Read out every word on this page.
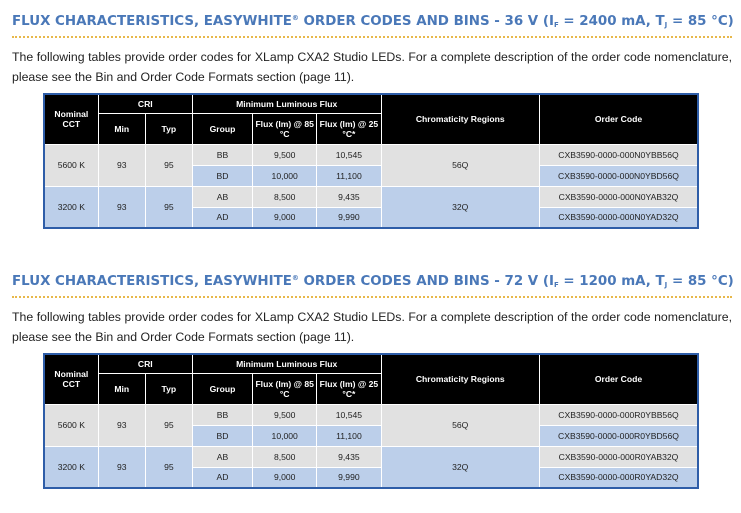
FLUX CHARACTERISTICS, EASYWHITE® ORDER CODES AND BINS - 36 V ($I_F = 2400$ mA, $T_J = 85$ °C)
The following tables provide order codes for XLamp CXA2 Studio LEDs. For a complete description of the order code nomenclature, please see the Bin and Order Code Formats section (page 11).
Nominal CCT	CRI		Minimum Luminous Flux			Chromaticity Regions	Order Code
	Min	Typ	Group	Flux (lm) @ 85 °C	Flux (lm) @ 25 °C*		
5600 K	93	95	BB	9,500	10,545	56Q	CXB3590-0000-000N0YBB56Q
			BD	10,000	11,100		CXB3590-0000-000N0YBD56Q
3200 K	93	95	AB	8,500	9,435	32Q	CXB3590-0000-000N0YAB32Q
			AD	9,000	9,990		CXB3590-0000-000N0YAD32Q
FLUX CHARACTERISTICS, EASYWHITE® ORDER CODES AND BINS - 72 V ($I_F = 1200$ mA, $T_J = 85$ °C)
The following tables provide order codes for XLamp CXA2 Studio LEDs. For a complete description of the order code nomenclature, please see the Bin and Order Code Formats section (page 11).
Nominal CCT	CRI		Minimum Luminous Flux			Chromaticity Regions	Order Code
	Min	Typ	Group	Flux (lm) @ 85 °C	Flux (lm) @ 25 °C*		
5600 K	93	95	BB	9,500	10,545	56Q	CXB3590-0000-000R0YBB56Q
			BD	10,000	11,100		CXB3590-0000-000R0YBD56Q
3200 K	93	95	AB	8,500	9,435	32Q	CXB3590-0000-000R0YAB32Q
			AD	9,000	9,990		CXB3590-0000-000R0YAD32Q
